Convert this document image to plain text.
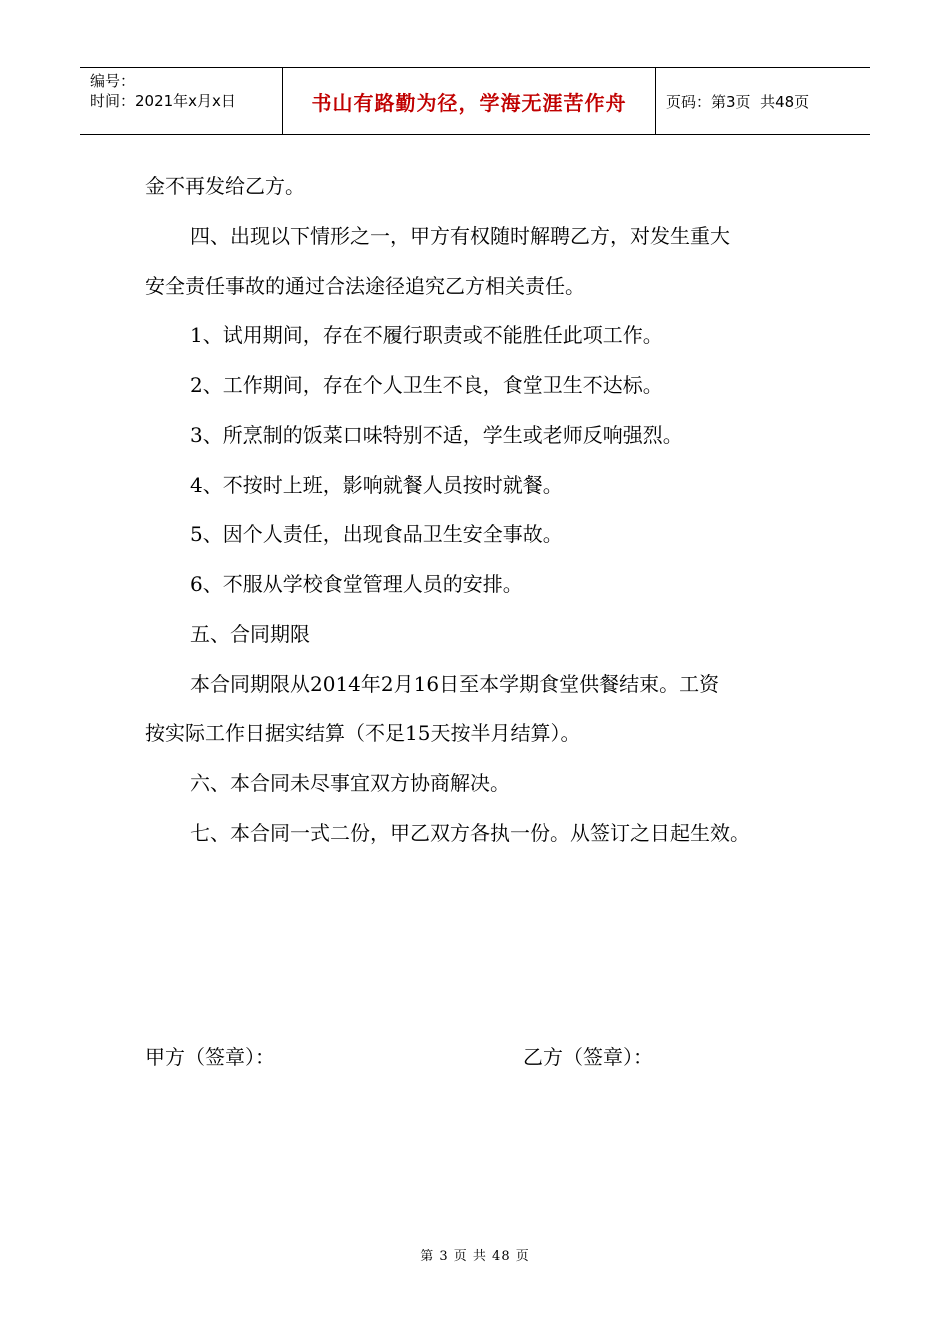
编号：
时间：2021年x月x日	书山有路勤为径，学海无涯苦作舟	页码：第3页  共48页
金不再发给乙方。
四、出现以下情形之一，甲方有权随时解聘乙方，对发生重大
安全责任事故的通过合法途径追究乙方相关责任。
1、试用期间，存在不履行职责或不能胜任此项工作。
2、工作期间，存在个人卫生不良，食堂卫生不达标。
3、所烹制的饭菜口味特别不适，学生或老师反响强烈。
4、不按时上班，影响就餐人员按时就餐。
5、因个人责任，出现食品卫生安全事故。
6、不服从学校食堂管理人员的安排。
五、合同期限
本合同期限从2014年2月16日至本学期食堂供餐结束。工资
按实际工作日据实结算（不足15天按半月结算）。
六、本合同未尽事宜双方协商解决。
七、本合同一式二份，甲乙双方各执一份。从签订之日起生效。
甲方（签章）：	乙方（签章）：
第 3 页 共 48 页
